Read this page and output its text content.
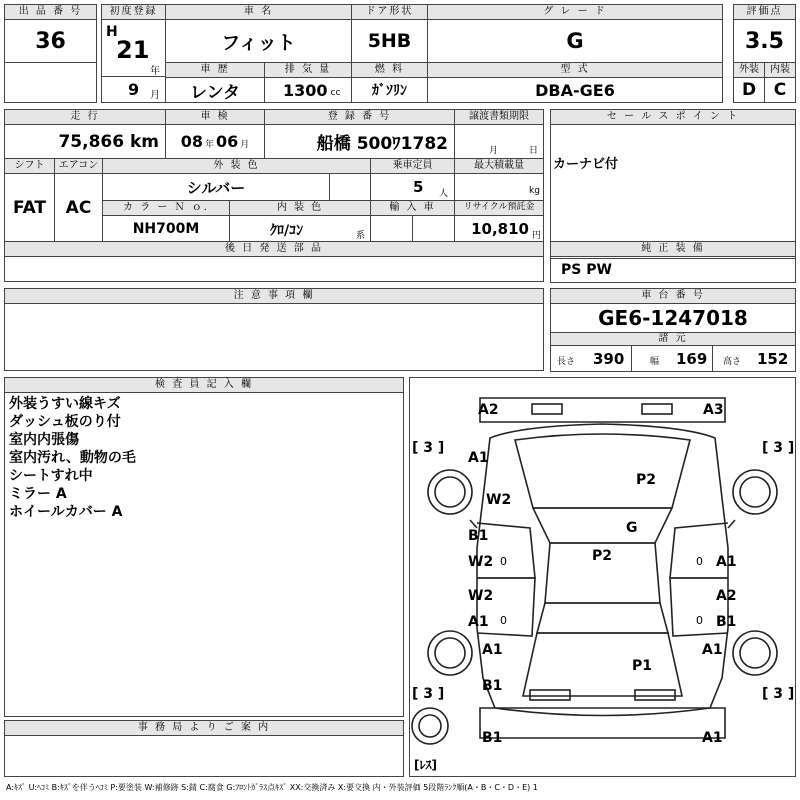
出 品 番 号
36
初度登録
H
21
年
9 月
車 名
フィット
ドア形状
5HB
グ レ ー ド
G
評価点
3.5
車 歴
レンタ
排 気 量
1300 cc
燃 料
ｶﾞｿﾘﾝ
型 式
DBA-GE6
外装	内装
D	C
走 行
75,866 km
車 検
08 年 06 月
登 録 番 号
船橋 500ﾜ1782
譲渡書類期限
月	日
セ ー ル ス ポ イ ン ト
カーナビ付
シフト	エアコン
FAT	AC
外 装 色
シルバー
乗車定員
5 人
最大積載量
kg
カ ラ ー Ｎ ｏ.
NH700M
内 装 色
ｸﾛ/ｺﾝ	系
輸 入 車	リサイクル預託金
10,810 円
後 日 発 送 部 品	純 正 装 備
PS PW
注 意 事 項 欄	車 台 番 号
GE6-1247018
諸 元
長さ 390	幅 169 高さ 152
検 査 員 記 入 欄
外装うすい線キズ
ダッシュ板のり付
室内内張傷
室内汚れ、動物の毛
シートすれ中
ミラー A
ホイールカバー A
事 務 局 よ り ご 案 内
A2	A3
[ 3 ]	[ 3 ]
A1
P2
W2
G
B1
P2
W2 0	0 A1
W2	A2
A1 0	0 B1
A1	A1
P1
B1
[ 3 ]	[ 3 ]
B1	A1
[ﾚｽ]
A:ｷｽﾞ U:ﾍｺﾐ B:ｷｽﾞを伴うﾍｺﾐ P:要塗装 W:補修跡 S:錆 C:腐食 G:ﾌﾛﾝﾄｶﾞﾗｽ点ｷｽﾞ XX:交換済み X:要交換 内・外装評価 5段階ﾗﾝｸ順(A・B・C・D・E) 1
